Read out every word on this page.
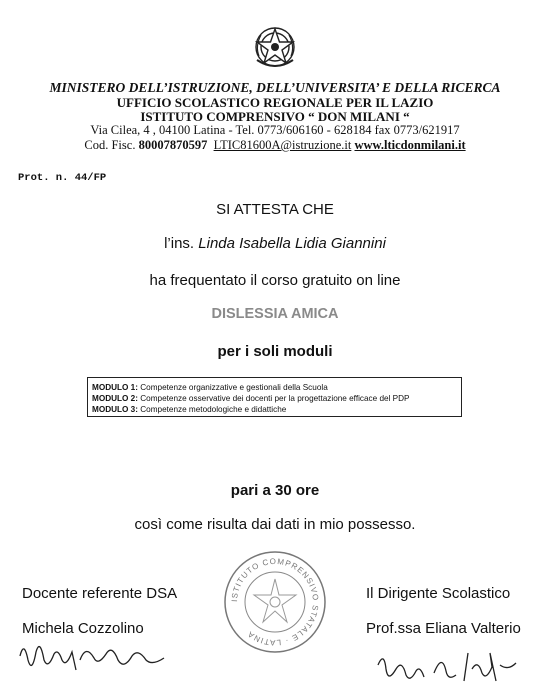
MINISTERO DELL’ISTRUZIONE, DELL’UNIVERSITA’ E DELLA RICERCA
UFFICIO SCOLASTICO REGIONALE PER IL LAZIO
ISTITUTO COMPRENSIVO “ DON MILANI “
Via Cilea, 4 , 04100 Latina - Tel. 0773/606160 - 628184 fax 0773/621917
Cod. Fisc. 80007870597 LTIC81600A@istruzione.it www.lticdonmilani.it
Prot. n. 44/FP
SI ATTESTA CHE
l’ins. Linda Isabella Lidia Giannini
ha frequentato il corso gratuito on line
DISLESSIA AMICA
per i soli moduli
MODULO 1: Competenze organizzative e gestionali della Scuola
MODULO 2: Competenze osservative dei docenti per la progettazione efficace del PDP
MODULO 3: Competenze metodologiche e didattiche
pari a 30 ore
così come risulta dai dati in mio possesso.
Docente referente DSA
Michela Cozzolino
Il Dirigente Scolastico
Prof.ssa Eliana Valterio
ISTITUTO COMPRENSIVO STATALE · LATINA
